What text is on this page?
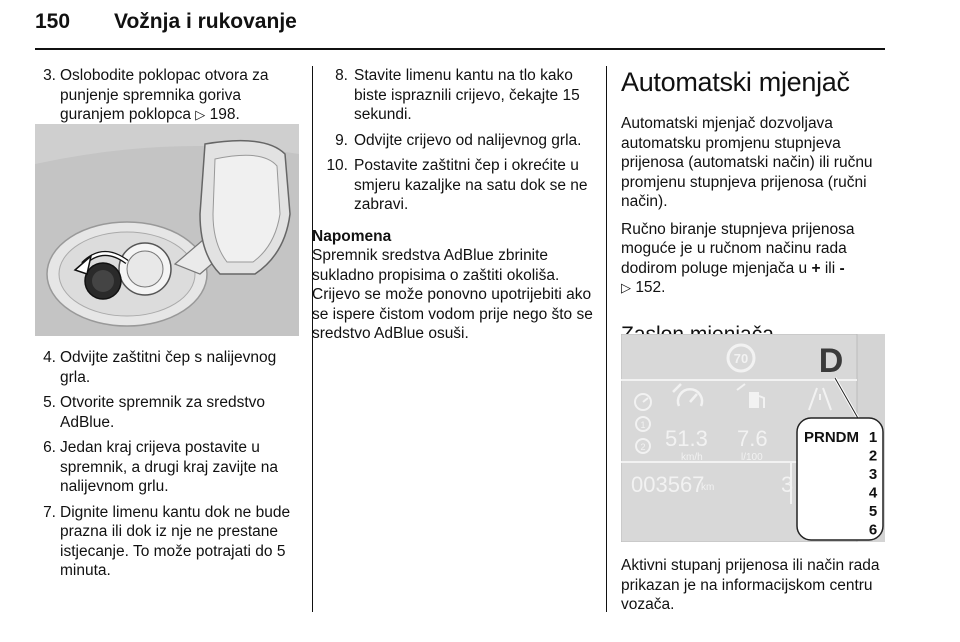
150 Vožnja i rukovanje
3. Oslobodite poklopac otvora za punjenje spremnika goriva guranjem poklopca ▷ 198.
4. Odvijte zaštitni čep s nalijevnog grla.
5. Otvorite spremnik za sredstvo AdBlue.
6. Jedan kraj crijeva postavite u spremnik, a drugi kraj zavijte na nalijevnom grlu.
7. Dignite limenu kantu dok ne bude prazna ili dok iz nje ne prestane istjecanje. To može potrajati do 5 minuta.
8. Stavite limenu kantu na tlo kako biste ispraznili crijevo, čekajte 15 sekundi.
9. Odvijte crijevo od nalijevnog grla.
10. Postavite zaštitni čep i okrećite u smjeru kazaljke na satu dok se ne zabravi.
Napomena

Spremnik sredstva AdBlue zbrinite sukladno propisima o zaštiti okoliša. Crijevo se može ponovno upotrijebiti ako se ispere čistom vodom prije nego što se sredstvo AdBlue osuši.

Automatski mjenjač

Automatski mjenjač dozvoljava automatsku promjenu stupnjeva prijenosa (automatski način) ili ručnu promjenu stupnjeva prijenosa (ručni način).

Ručno biranje stupnjeva prijenosa moguće je u ručnom načinu rada dodirom poluge mjenjača u + ili -
▷ 152.

70 D
1
2 51.3
km/h
7.6
l/100
003567
km	3
PRNDM 1
2
3
4
5
6

Aktivni stupanj prijenosa ili način rada prikazan je na informacijskom centru vozača.
